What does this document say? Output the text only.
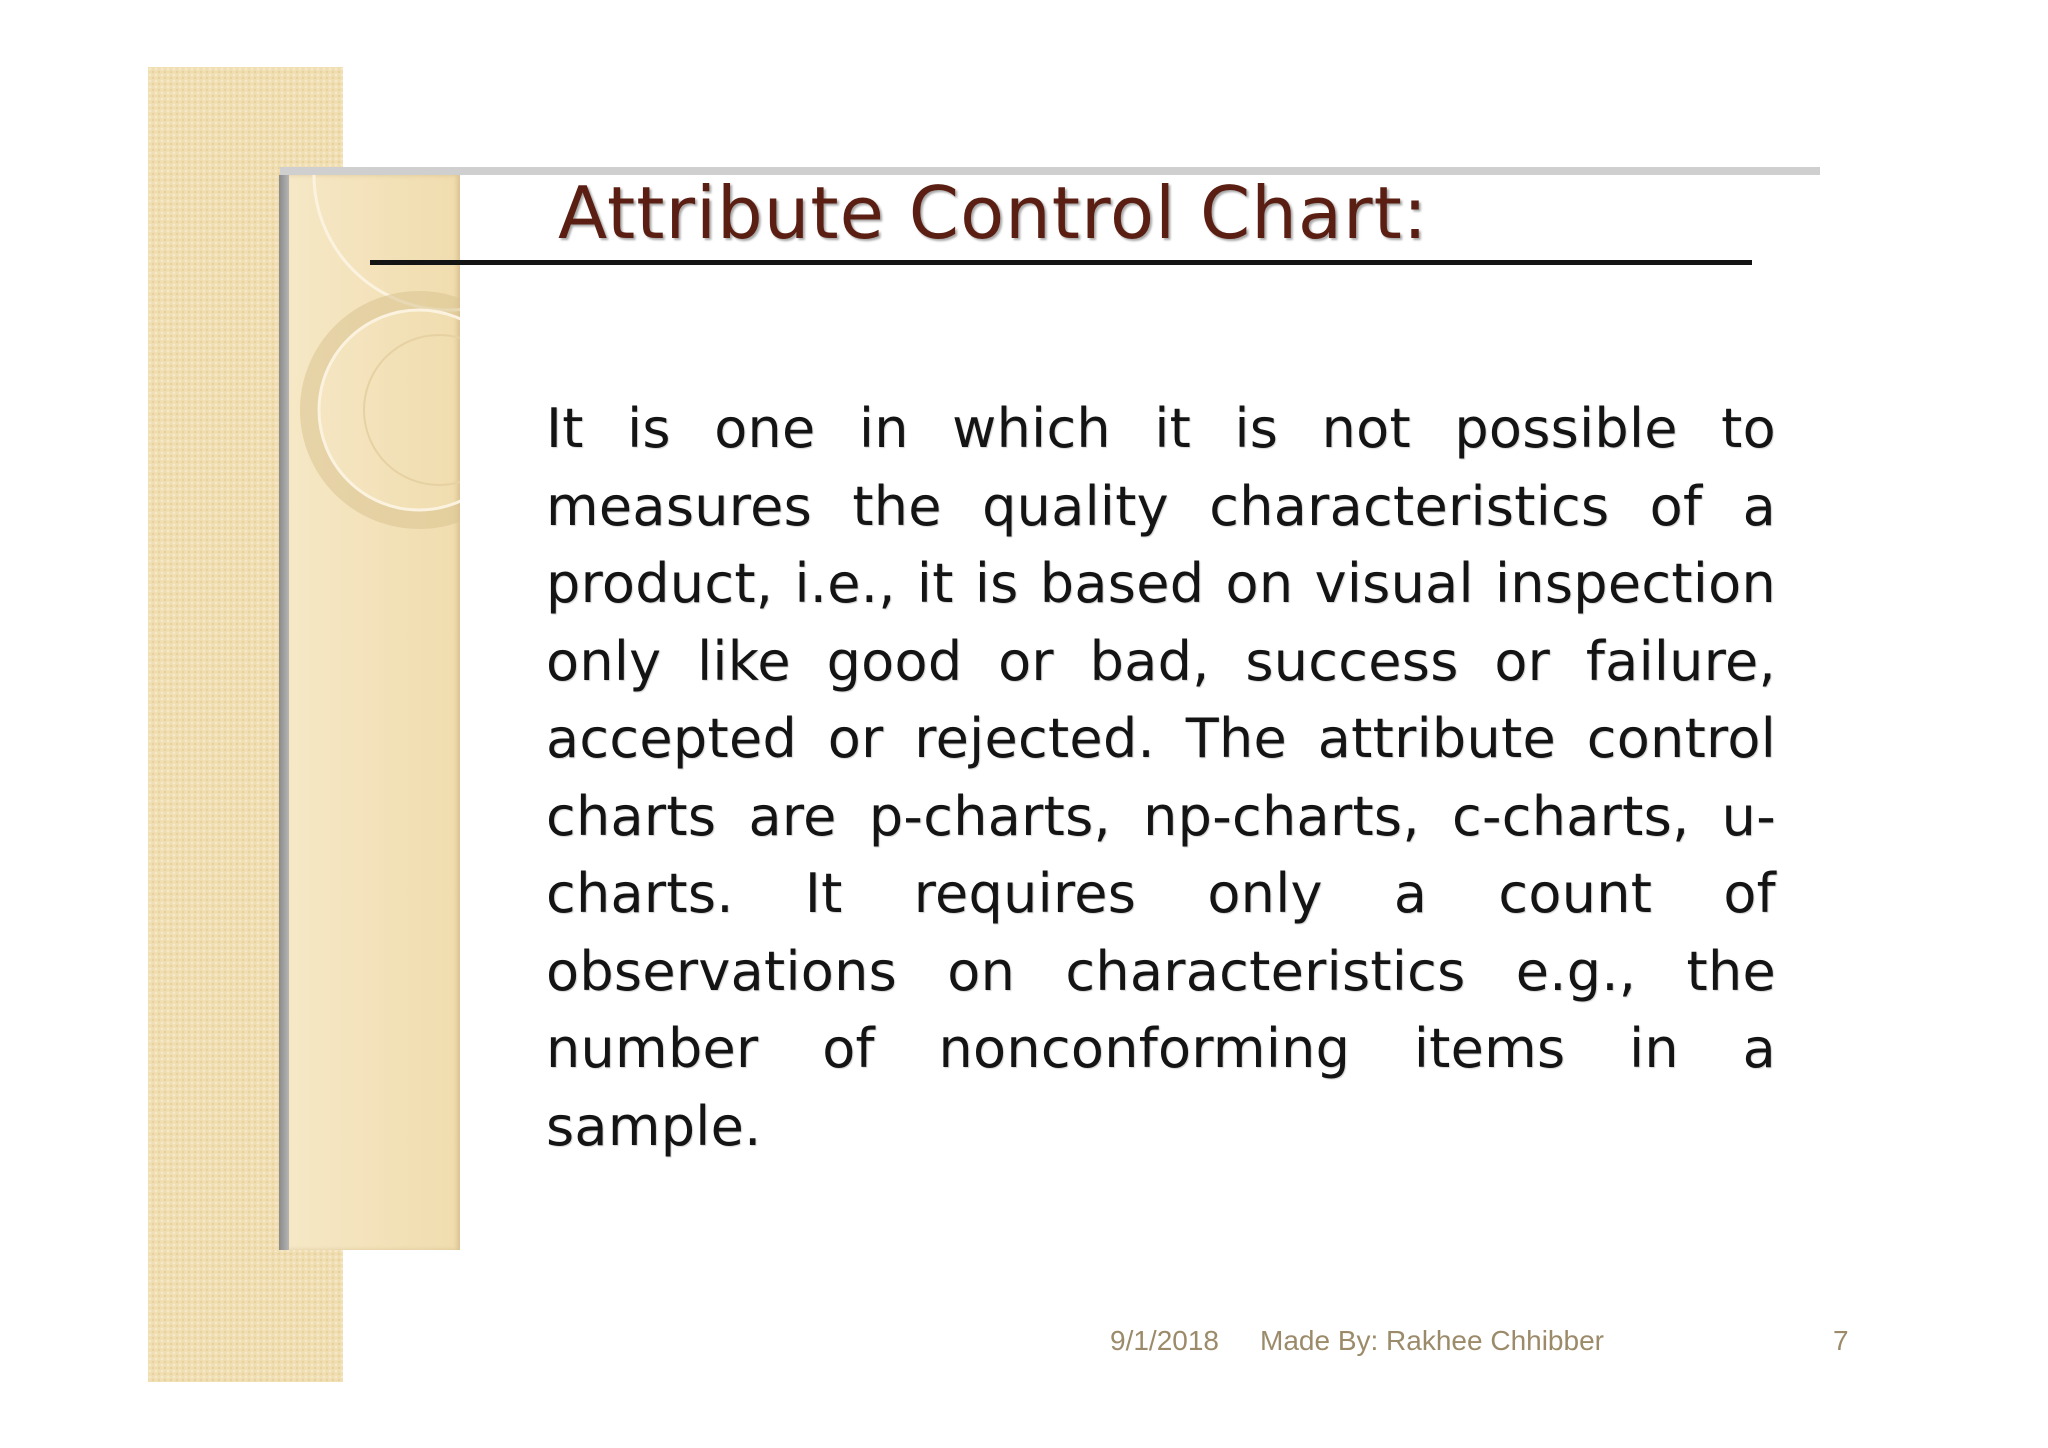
Attribute Control Chart:

It is one in which it is not possible to measures the quality characteristics of a product, i.e., it is based on visual inspection only like good or bad, success or failure, accepted or rejected. The attribute control charts are p-charts, np-charts, c-charts, u-charts. It requires only a count of observations on characteristics e.g., the number of nonconforming items in a sample.

9/1/2018 Made By: Rakhee Chhibber	7
